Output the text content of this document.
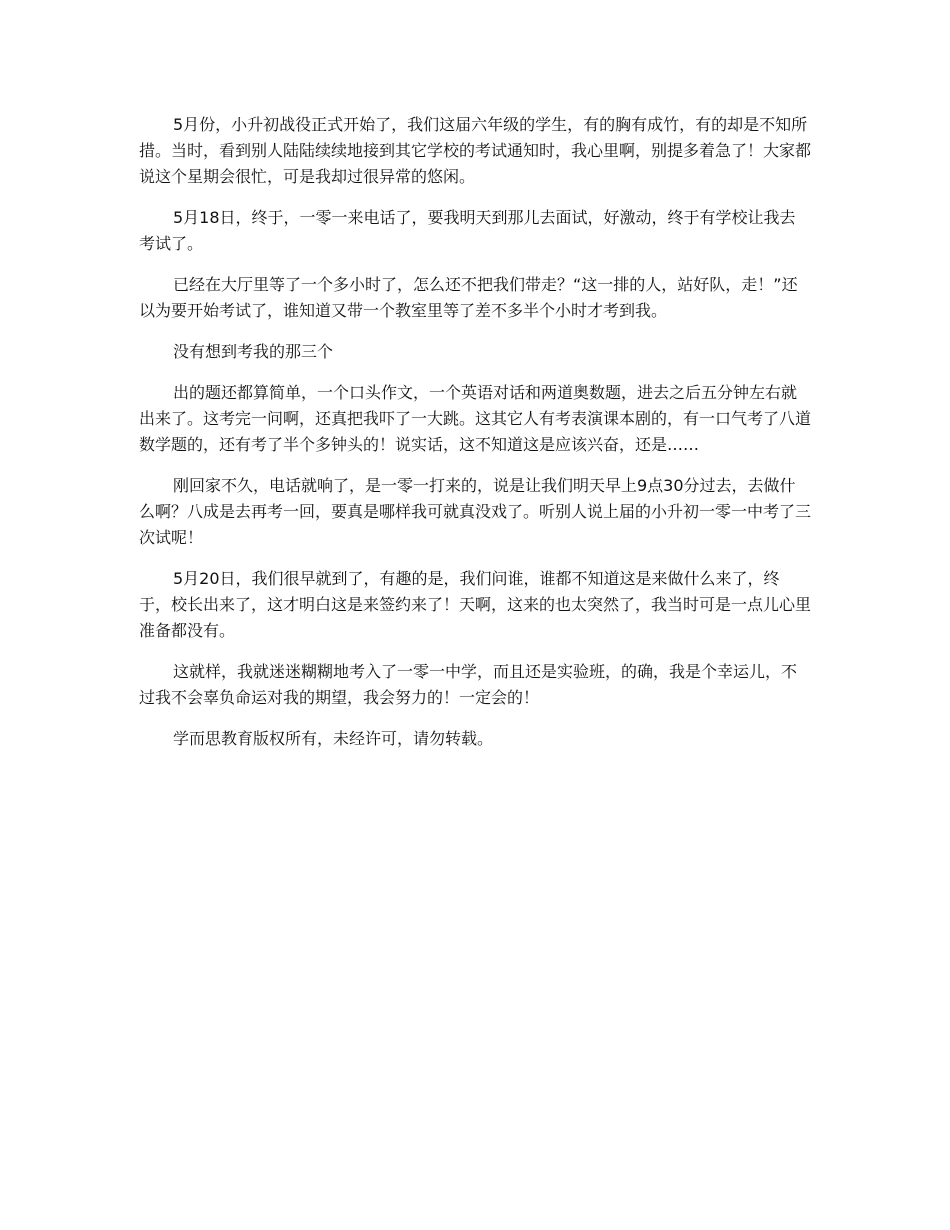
5月份，小升初战役正式开始了，我们这届六年级的学生，有的胸有成竹，有的却是不知所措。当时，看到别人陆陆续续地接到其它学校的考试通知时，我心里啊，别提多着急了！大家都说这个星期会很忙，可是我却过很异常的悠闲。

5月18日，终于，一零一来电话了，要我明天到那儿去面试，好激动，终于有学校让我去考试了。

已经在大厅里等了一个多小时了，怎么还不把我们带走？“这一排的人，站好队，走！”还以为要开始考试了，谁知道又带一个教室里等了差不多半个小时才考到我。

没有想到考我的那三个

出的题还都算简单，一个口头作文，一个英语对话和两道奥数题，进去之后五分钟左右就出来了。这考完一问啊，还真把我吓了一大跳。这其它人有考表演课本剧的，有一口气考了八道数学题的，还有考了半个多钟头的！说实话，这不知道这是应该兴奋，还是……

刚回家不久，电话就响了，是一零一打来的，说是让我们明天早上9点30分过去，去做什么啊？八成是去再考一回，要真是哪样我可就真没戏了。听别人说上届的小升初一零一中考了三次试呢！

5月20日，我们很早就到了，有趣的是，我们问谁，谁都不知道这是来做什么来了，终于，校长出来了，这才明白这是来签约来了！天啊，这来的也太突然了，我当时可是一点儿心里准备都没有。

这就样，我就迷迷糊糊地考入了一零一中学，而且还是实验班，的确，我是个幸运儿，不过我不会辜负命运对我的期望，我会努力的！一定会的！

学而思教育版权所有，未经许可，请勿转载。
